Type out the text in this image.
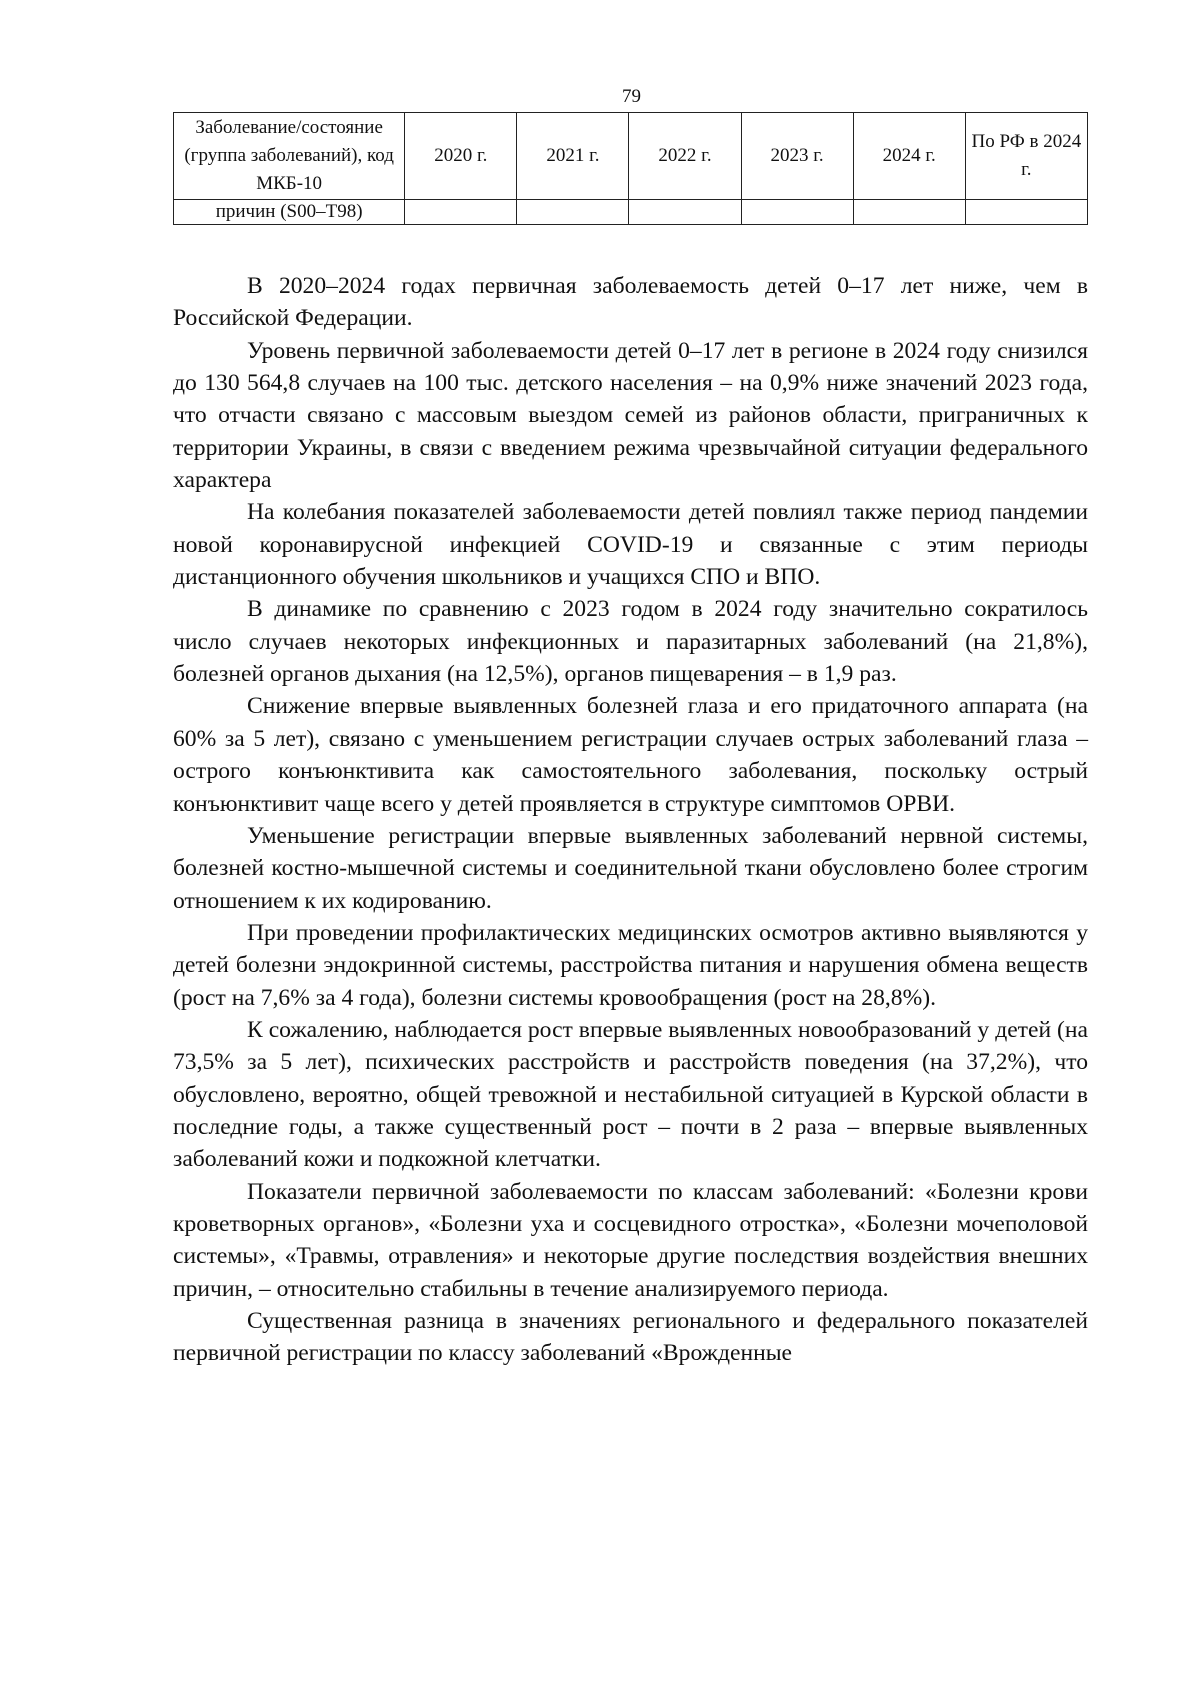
79
Заболевание/состояние (группа заболеваний), код МКБ-10	2020 г.	2021 г.	2022 г.	2023 г.	2024 г.	По РФ в 2024 г.
причин (S00–T98)						

В 2020–2024 годах первичная заболеваемость детей 0–17 лет ниже, чем в Российской Федерации.

Уровень первичной заболеваемости детей 0–17 лет в регионе в 2024 году снизился до 130 564,8 случаев на 100 тыс. детского населения – на 0,9% ниже значений 2023 года, что отчасти связано с массовым выездом семей из районов области, приграничных к территории Украины, в связи с введением режима чрезвычайной ситуации федерального характера

На колебания показателей заболеваемости детей повлиял также период пандемии новой коронавирусной инфекцией COVID-19 и связанные с этим периоды дистанционного обучения школьников и учащихся СПО и ВПО.

В динамике по сравнению с 2023 годом в 2024 году значительно сократилось число случаев некоторых инфекционных и паразитарных заболеваний (на 21,8%), болезней органов дыхания (на 12,5%), органов пищеварения – в 1,9 раз.

Снижение впервые выявленных болезней глаза и его придаточного аппарата (на 60% за 5 лет), связано с уменьшением регистрации случаев острых заболеваний глаза – острого конъюнктивита как самостоятельного заболевания, поскольку острый конъюнктивит чаще всего у детей проявляется в структуре симптомов ОРВИ.

Уменьшение регистрации впервые выявленных заболеваний нервной системы, болезней костно-мышечной системы и соединительной ткани обусловлено более строгим отношением к их кодированию.

При проведении профилактических медицинских осмотров активно выявляются у детей болезни эндокринной системы, расстройства питания и нарушения обмена веществ (рост на 7,6% за 4 года), болезни системы кровообращения (рост на 28,8%).

К сожалению, наблюдается рост впервые выявленных новообразований у детей (на 73,5% за 5 лет), психических расстройств и расстройств поведения (на 37,2%), что обусловлено, вероятно, общей тревожной и нестабильной ситуацией в Курской области в последние годы, а также существенный рост – почти в 2 раза – впервые выявленных заболеваний кожи и подкожной клетчатки.

Показатели первичной заболеваемости по классам заболеваний: «Болезни крови кроветворных органов», «Болезни уха и сосцевидного отростка», «Болезни мочеполовой системы», «Травмы, отравления» и некоторые другие последствия воздействия внешних причин, – относительно стабильны в течение анализируемого периода.

Существенная разница в значениях регионального и федерального показателей первичной регистрации по классу заболеваний «Врожденные
